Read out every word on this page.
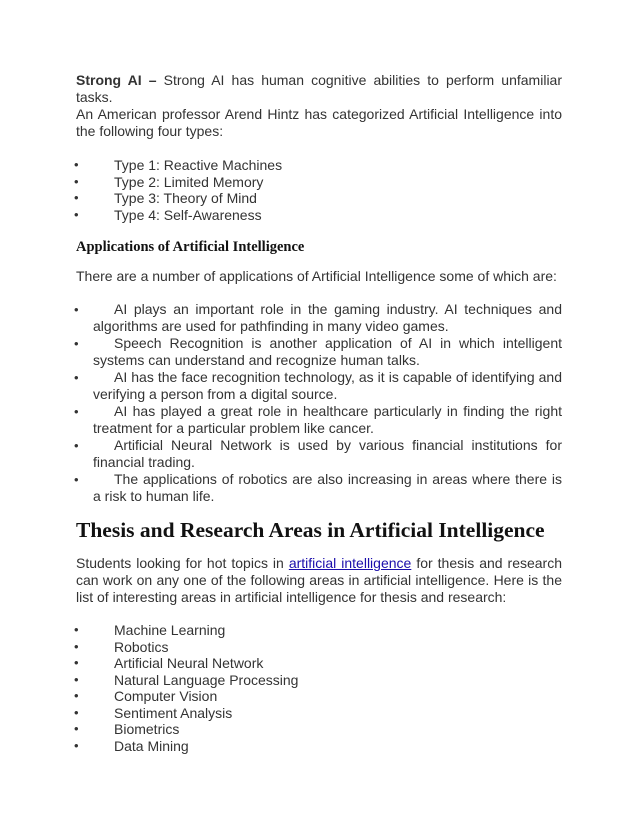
Strong AI – Strong AI has human cognitive abilities to perform unfamiliar tasks.

An American professor Arend Hintz has categorized Artificial Intelligence into the following four types:

•	Type 1: Reactive Machines
•	Type 2: Limited Memory
•	Type 3: Theory of Mind
•	Type 4: Self-Awareness
Applications of Artificial Intelligence

There are a number of applications of Artificial Intelligence some of which are:

•	AI plays an important role in the gaming industry. AI techniques and algorithms are used for pathfinding in many video games.
•	Speech Recognition is another application of AI in which intelligent systems can understand and recognize human talks.
•	AI has the face recognition technology, as it is capable of identifying and verifying a person from a digital source.
•	AI has played a great role in healthcare particularly in finding the right treatment for a particular problem like cancer.
•	Artificial Neural Network is used by various financial institutions for financial trading.
•	The applications of robotics are also increasing in areas where there is a risk to human life.
Thesis and Research Areas in Artificial Intelligence

Students looking for hot topics in artificial intelligence for thesis and research can work on any one of the following areas in artificial intelligence. Here is the list of interesting areas in artificial intelligence for thesis and research:

•	Machine Learning
•	Robotics
•	Artificial Neural Network
•	Natural Language Processing
•	Computer Vision
•	Sentiment Analysis
•	Biometrics
•	Data Mining
